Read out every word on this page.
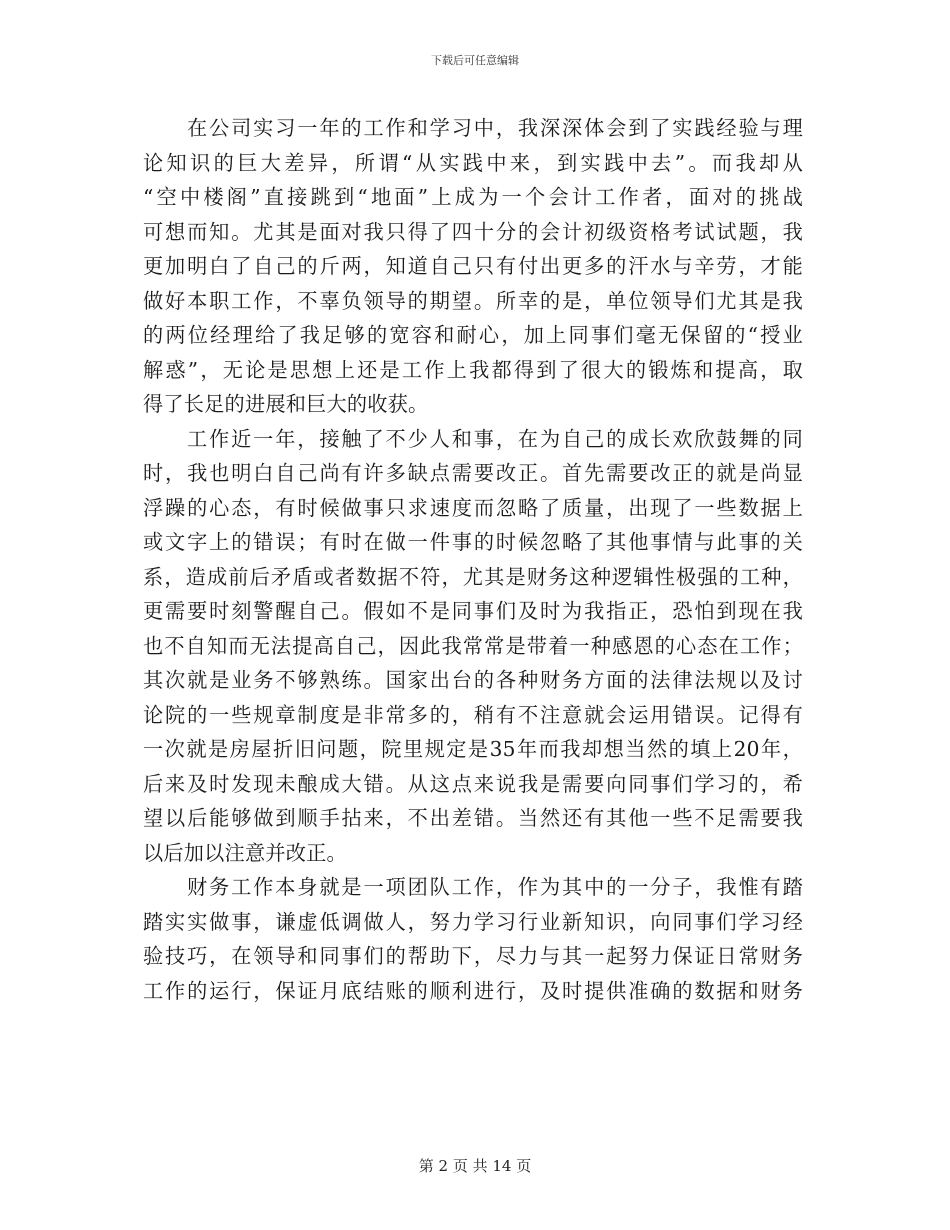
下载后可任意编辑

在公司实习一年的工作和学习中，我深深体会到了实践经验与理
论知识的巨大差异，所谓“从实践中来，到实践中去”。而我却从
“空中楼阁”直接跳到“地面”上成为一个会计工作者，面对的挑战
可想而知。尤其是面对我只得了四十分的会计初级资格考试试题，我
更加明白了自己的斤两，知道自己只有付出更多的汗水与辛劳，才能
做好本职工作，不辜负领导的期望。所幸的是，单位领导们尤其是我
的两位经理给了我足够的宽容和耐心，加上同事们毫无保留的“授业
解惑”，无论是思想上还是工作上我都得到了很大的锻炼和提高，取
得了长足的进展和巨大的收获。

工作近一年，接触了不少人和事，在为自己的成长欢欣鼓舞的同
时，我也明白自己尚有许多缺点需要改正。首先需要改正的就是尚显
浮躁的心态，有时候做事只求速度而忽略了质量，出现了一些数据上
或文字上的错误；有时在做一件事的时候忽略了其他事情与此事的关
系，造成前后矛盾或者数据不符，尤其是财务这种逻辑性极强的工种，
更需要时刻警醒自己。假如不是同事们及时为我指正，恐怕到现在我
也不自知而无法提高自己，因此我常常是带着一种感恩的心态在工作；
其次就是业务不够熟练。国家出台的各种财务方面的法律法规以及讨
论院的一些规章制度是非常多的，稍有不注意就会运用错误。记得有
一次就是房屋折旧问题，院里规定是35年而我却想当然的填上20年，
后来及时发现未酿成大错。从这点来说我是需要向同事们学习的，希
望以后能够做到顺手拈来，不出差错。当然还有其他一些不足需要我
以后加以注意并改正。

财务工作本身就是一项团队工作，作为其中的一分子，我惟有踏
踏实实做事，谦虚低调做人，努力学习行业新知识，向同事们学习经
验技巧，在领导和同事们的帮助下，尽力与其一起努力保证日常财务
工作的运行，保证月底结账的顺利进行，及时提供准确的数据和财务

第 2 页 共 14 页
